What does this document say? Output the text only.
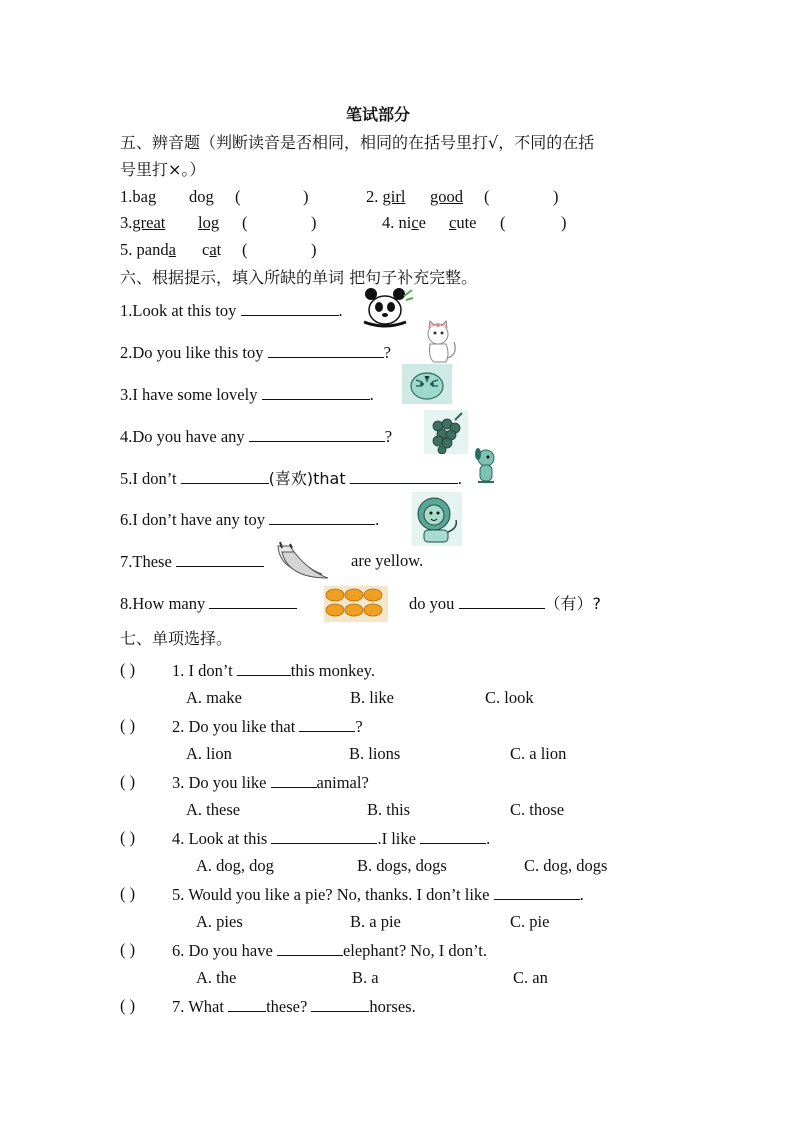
笔试部分
五、辨音题（判断读音是否相同，相同的在括号里打√，不同的在括
号里打×。）
1.bag dog (	)	2. girl good (	)
3.great log (	)	4. nice cute (	)
5. panda cat (	)
六、根据提示，填入所缺的单词 把句子补充完整。
1.Look at this toy	.
2.Do you like this toy	?
3.I have some lovely	.
4.Do you have any	?
5.I don’t	(喜欢)that	.
6.I don’t have any toy	.
7.These	are yellow.
8.How many	do you	（有）?
七、单项选择。
( ) 1. I don’t	this monkey.
A. make	B. like	C. look
( ) 2. Do you like that	?
A. lion	B. lions	C. a lion
( ) 3. Do you like	animal?
A. these	B. this	C. those
( ) 4. Look at this	.I like	.
A. dog, dog	B. dogs, dogs	C. dog, dogs
( ) 5. Would you like a pie? No, thanks. I don’t like	.
A. pies	B. a pie	C. pie
( ) 6. Do you have	elephant? No, I don’t.
A. the	B. a	C. an
( ) 7. What	these?	horses.
